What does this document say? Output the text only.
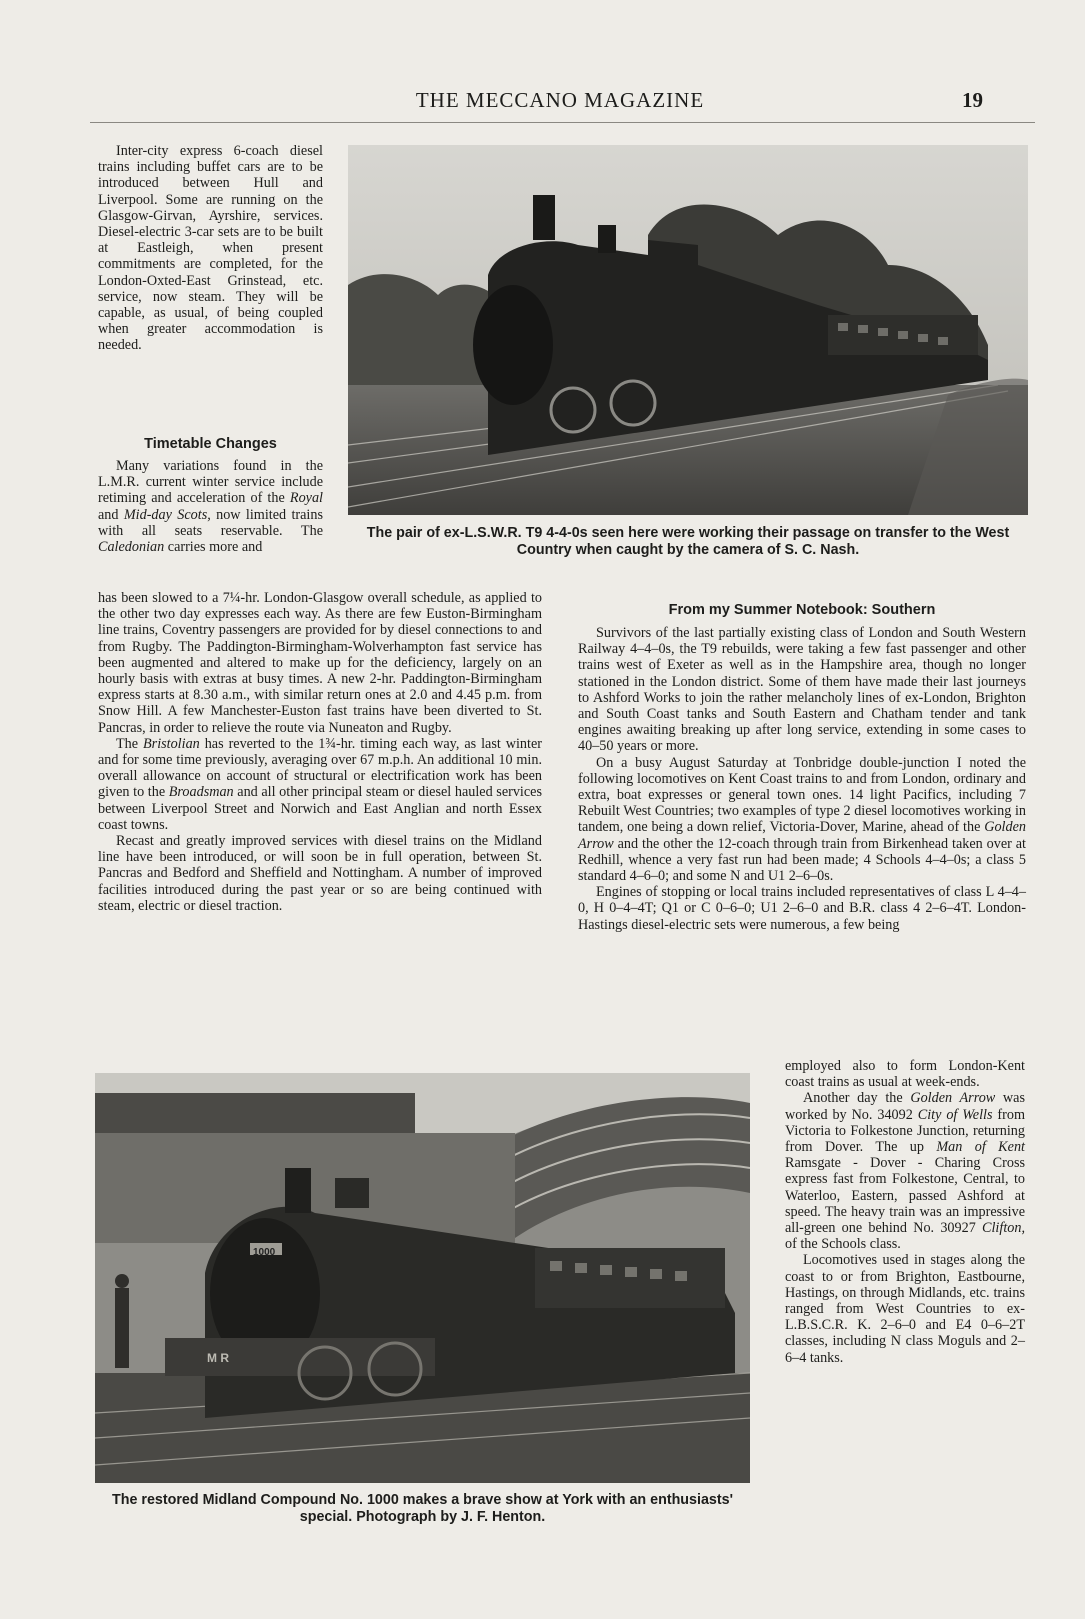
THE MECCANO MAGAZINE	19

Inter-city express 6-coach diesel trains including buffet cars are to be introduced between Hull and Liverpool. Some are running on the Glasgow-Girvan, Ayrshire, services. Diesel-electric 3-car sets are to be built at Eastleigh, when present commitments are completed, for the London-Oxted-East Grinstead, etc. service, now steam. They will be capable, as usual, of being coupled when greater accommodation is needed.

Timetable Changes

Many variations found in the L.M.R. current winter service include retiming and acceleration of the Royal and Mid-day Scots, now limited trains with all seats reservable. The Caledonian carries more and

The pair of ex-L.S.W.R. T9 4-4-0s seen here were working their passage on transfer to the West Country when caught by the camera of S. C. Nash.

has been slowed to a 7¼-hr. London-Glasgow overall schedule, as applied to the other two day expresses each way. As there are few Euston-Birmingham line trains, Coventry passengers are provided for by diesel connections to and from Rugby. The Paddington-Birmingham-Wolverhampton fast service has been augmented and altered to make up for the deficiency, largely on an hourly basis with extras at busy times. A new 2-hr. Paddington-Birmingham express starts at 8.30 a.m., with similar return ones at 2.0 and 4.45 p.m. from Snow Hill. A few Manchester-Euston fast trains have been diverted to St. Pancras, in order to relieve the route via Nuneaton and Rugby.

The Bristolian has reverted to the 1¾-hr. timing each way, as last winter and for some time previously, averaging over 67 m.p.h. An additional 10 min. overall allowance on account of structural or electrification work has been given to the Broadsman and all other principal steam or diesel hauled services between Liverpool Street and Norwich and East Anglian and north Essex coast towns.

Recast and greatly improved services with diesel trains on the Midland line have been introduced, or will soon be in full operation, between St. Pancras and Bedford and Sheffield and Nottingham. A number of improved facilities introduced during the past year or so are being continued with steam, electric or diesel traction.

From my Summer Notebook: Southern

Survivors of the last partially existing class of London and South Western Railway 4–4–0s, the T9 rebuilds, were taking a few fast passenger and other trains west of Exeter as well as in the Hampshire area, though no longer stationed in the London district. Some of them have made their last journeys to Ashford Works to join the rather melancholy lines of ex-London, Brighton and South Coast tanks and South Eastern and Chatham tender and tank engines awaiting breaking up after long service, extending in some cases to 40–50 years or more.

On a busy August Saturday at Tonbridge double-junction I noted the following locomotives on Kent Coast trains to and from London, ordinary and extra, boat expresses or general town ones. 14 light Pacifics, including 7 Rebuilt West Countries; two examples of type 2 diesel locomotives working in tandem, one being a down relief, Victoria-Dover, Marine, ahead of the Golden Arrow and the other the 12-coach through train from Birkenhead taken over at Redhill, whence a very fast run had been made; 4 Schools 4–4–0s; a class 5 standard 4–6–0; and some N and U1 2–6–0s.

Engines of stopping or local trains included representatives of class L 4–4–0, H 0–4–4T; Q1 or C 0–6–0; U1 2–6–0 and B.R. class 4 2–6–4T. London-Hastings diesel-electric sets were numerous, a few being

1000
M R
The restored Midland Compound No. 1000 makes a brave show at York with an enthusiasts' special. Photograph by J. F. Henton.

employed also to form London-Kent coast trains as usual at week-ends.

Another day the Golden Arrow was worked by No. 34092 City of Wells from Victoria to Folkestone Junction, returning from Dover. The up Man of Kent Ramsgate - Dover - Charing Cross express fast from Folkestone, Central, to Waterloo, Eastern, passed Ashford at speed. The heavy train was an impressive all-green one behind No. 30927 Clifton, of the Schools class.

Locomotives used in stages along the coast to or from Brighton, Eastbourne, Hastings, on through Midlands, etc. trains ranged from West Countries to ex-L.B.S.C.R. K. 2–6–0 and E4 0–6–2T classes, including N class Moguls and 2–6–4 tanks.
